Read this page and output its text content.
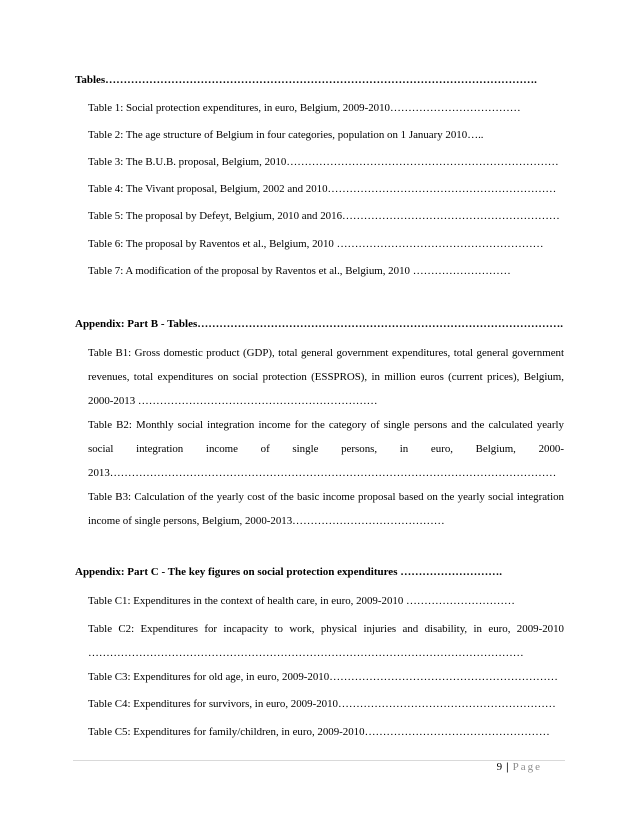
Tables……………………………………………………………………………………………………….
Table 1: Social protection expenditures, in euro, Belgium, 2009-2010………………………………
Table 2: The age structure of Belgium in four categories, population on 1 January 2010…..
Table 3: The B.U.B. proposal, Belgium, 2010…………………………………………………………………
Table 4: The Vivant proposal, Belgium, 2002 and 2010………………………………………………………
Table 5: The proposal by Defeyt, Belgium, 2010 and 2016……………………………………………………
Table 6: The proposal by Raventos et al., Belgium, 2010 …………………………………………………
Table 7: A modification of the proposal by Raventos et al., Belgium, 2010 ………………………
Appendix: Part B - Tables……………………………………………………………………………………….
Table B1: Gross domestic product (GDP), total general government expenditures, total general government revenues, total expenditures on social protection (ESSPROS), in million euros (current prices), Belgium, 2000-2013 …………………………………………………………
Table B2: Monthly social integration income for the category of single persons and the calculated yearly social integration income of single persons, in euro, Belgium, 2000-2013……………………………………………………………………………………………………………
Table B3: Calculation of the yearly cost of the basic income proposal based on the yearly social integration income of single persons, Belgium, 2000-2013……………………………………
Appendix: Part C - The key figures on social protection expenditures ……………………….
Table C1: Expenditures in the context of health care, in euro, 2009-2010 …………………………
Table C2: Expenditures for incapacity to work, physical injuries and disability, in euro, 2009-2010 …………………………………………………………………………………………………………
Table C3: Expenditures for old age, in euro, 2009-2010………………………………………………………
Table C4: Expenditures for survivors, in euro, 2009-2010……………………………………………………
Table C5: Expenditures for family/children, in euro, 2009-2010……………………………………………
9 | Page
